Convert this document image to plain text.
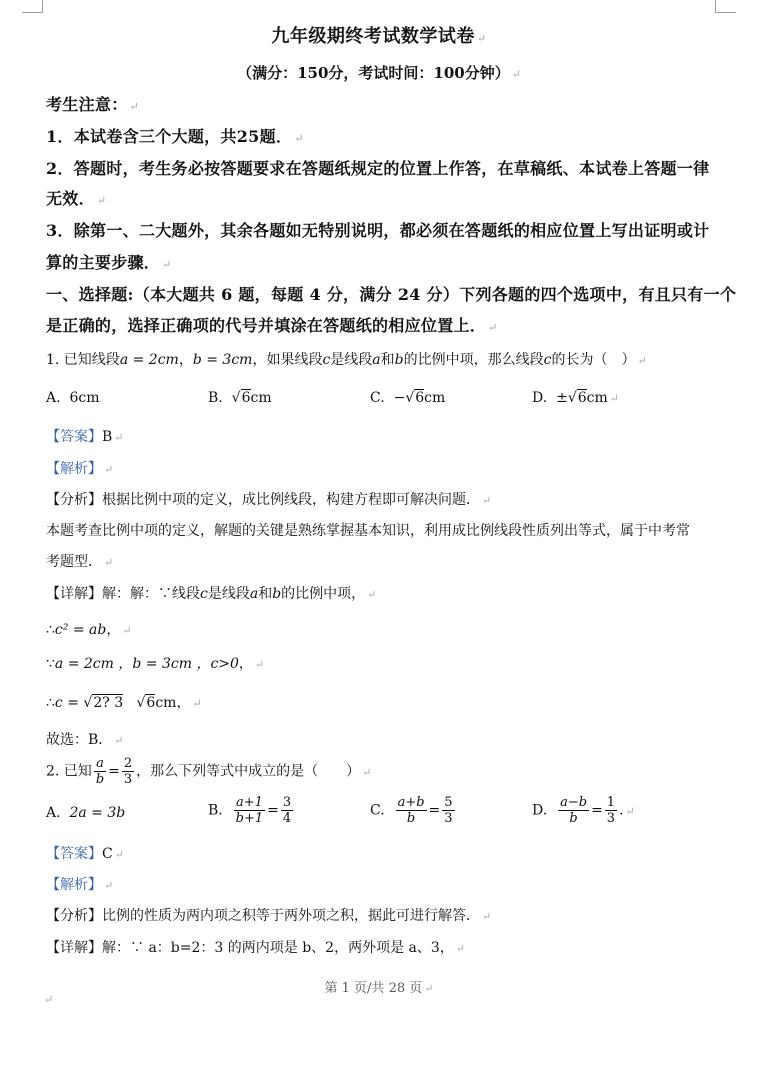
九年级期终考试数学试卷 ↵
（满分：150分，考试时间：100分钟） ↵
考生注意： ↵
1．本试卷含三个大题，共25题． ↵
2．答题时，考生务必按答题要求在答题纸规定的位置上作答，在草稿纸、本试卷上答题一律
无效． ↵
3．除第一、二大题外，其余各题如无特别说明，都必须在答题纸的相应位置上写出证明或计
算的主要步骤． ↵
一、选择题:（本大题共 6 题，每题 4 分，满分 24 分）下列各题的四个选项中，有且只有一个
是正确的，选择正确项的代号并填涂在答题纸的相应位置上． ↵
1. 已知线段a = 2cm，b = 3cm，如果线段c是线段a和b的比例中项，那么线段c的长为（　） ↵
A. 6cm	B.  √6cm	C. −√6cm	D. ±√6cm ↵
【答案】B ↵
【解析】 ↵
【分析】根据比例中项的定义，成比例线段，构建方程即可解决问题． ↵
本题考查比例中项的定义，解题的关键是熟练掌握基本知识，利用成比例线段性质列出等式，属于中考常
考题型． ↵
【详解】解：解：∵线段c是线段a和b的比例中项， ↵
∴c² = ab， ↵
∵a = 2cm ，b = 3cm ，c>0， ↵
∴c = √2? 3   √6cm， ↵
故选：B． ↵
2. 已知 $\frac{a}{b} = \frac{2}{3}$ ，那么下列等式中成立的是（　　） ↵
A. 2a = 3b	B. $\frac{a+1}{b+1} = \frac{3}{4}$	C. $\frac{a+b}{b} = \frac{5}{3}$	D. $\frac{a-b}{b} = \frac{1}{3}$ . ↵
【答案】C ↵
【解析】 ↵
【分析】比例的性质为两内项之积等于两外项之积，据此可进行解答． ↵
【详解】解：∵ a：b=2：3 的两内项是 b、2，两外项是 a、3， ↵
第 1 页/共 28 页 ↵
↵
